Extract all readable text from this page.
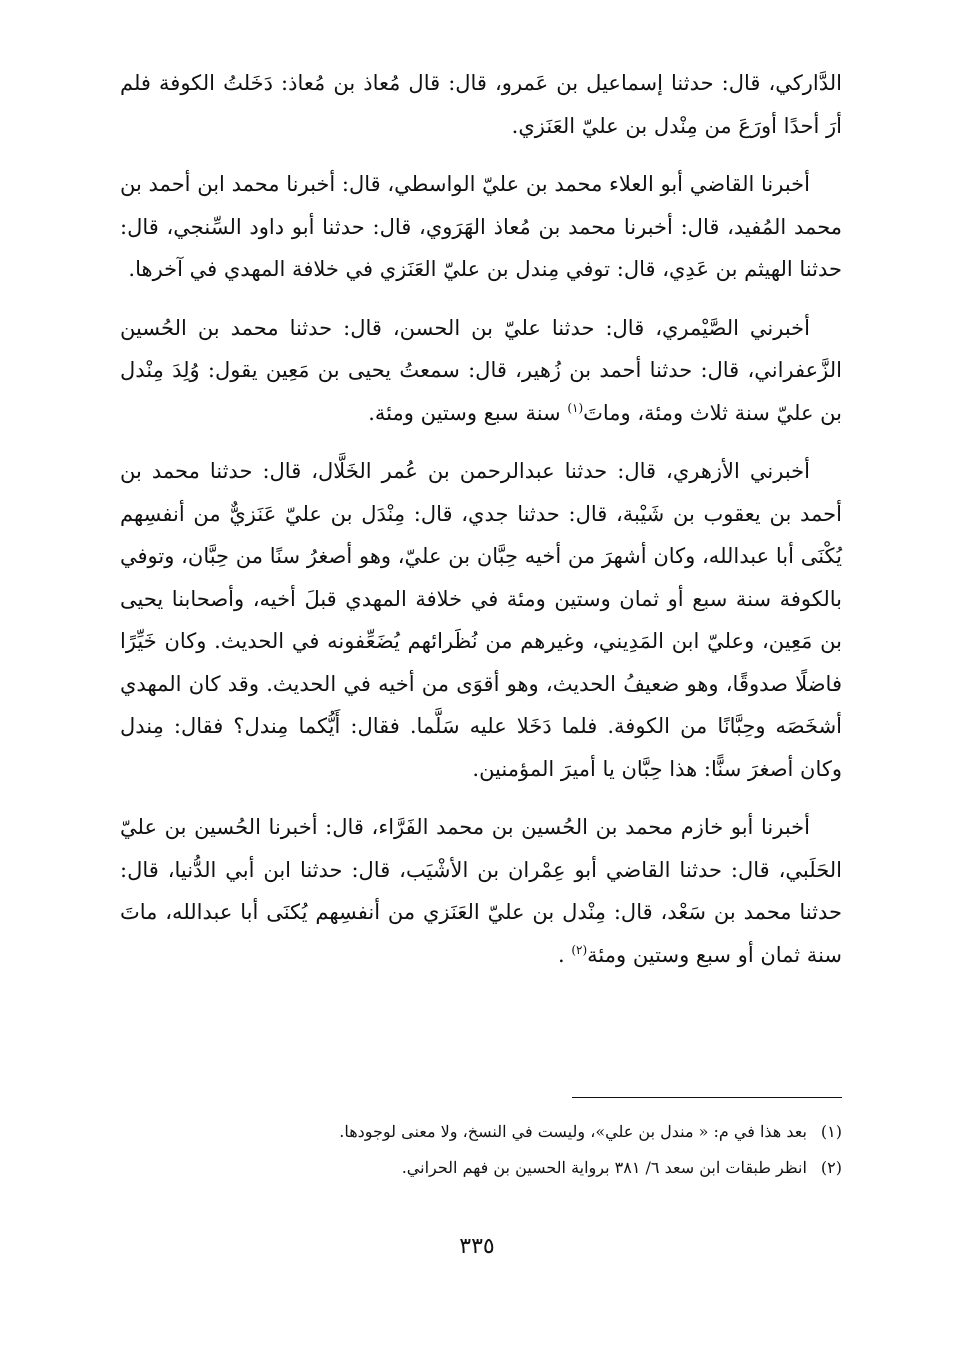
الدَّاركي، قال: حدثنا إسماعيل بن عَمرو، قال: قال مُعاذ بن مُعاذ: دَخَلتُ الكوفة فلم أرَ أحدًا أورَعَ من مِنْدل بن عليّ العَنَزي.

أخبرنا القاضي أبو العلاء محمد بن عليّ الواسطي، قال: أخبرنا محمد ابن أحمد بن محمد المُفيد، قال: أخبرنا محمد بن مُعاذ الهَرَوي، قال: حدثنا أبو داود السِّنجي، قال: حدثنا الهيثم بن عَدِي، قال: توفي مِندل بن عليّ العَنَزي في خلافة المهدي في آخرها.

أخبرني الصَّيْمري، قال: حدثنا عليّ بن الحسن، قال: حدثنا محمد بن الحُسين الزَّعفراني، قال: حدثنا أحمد بن زُهير، قال: سمعتُ يحيى بن مَعِين يقول: وُلِدَ مِنْدل بن عليّ سنة ثلاث ومئة، وماتَ$^{(١)}$ سنة سبع وستين ومئة.

أخبرني الأزهري، قال: حدثنا عبدالرحمن بن عُمر الخَلَّال، قال: حدثنا محمد بن أحمد بن يعقوب بن شَيْبة، قال: حدثنا جدي، قال: مِنْدَل بن عليّ عَنَزيٌّ من أنفسِهم يُكْنَى أبا عبدالله، وكان أشهرَ من أخيه حِبَّان بن عليّ، وهو أصغرُ سنًا من حِبَّان، وتوفي بالكوفة سنة سبع أو ثمان وستين ومئة في خلافة المهدي قبلَ أخيه، وأصحابنا يحيى بن مَعِين، وعليّ ابن المَدِيني، وغيرهم من نُظَرائهم يُضَعِّفونه في الحديث. وكان خَيِّرًا فاضلًا صدوقًا، وهو ضعيفُ الحديث، وهو أقوَى من أخيه في الحديث. وقد كان المهدي أشخَصَه وحِبَّانًا من الكوفة. فلما دَخَلا عليه سَلَّما. فقال: أَيُّكما مِندل؟ فقال: مِندل وكان أصغرَ سنًّا: هذا حِبَّان يا أميرَ المؤمنين.

أخبرنا أبو خازم محمد بن الحُسين بن محمد الفَرَّاء، قال: أخبرنا الحُسين بن عليّ الحَلَبي، قال: حدثنا القاضي أبو عِمْران بن الأشْيَب، قال: حدثنا ابن أبي الدُّنيا، قال: حدثنا محمد بن سَعْد، قال: مِنْدل بن عليّ العَنَزي من أنفسِهم يُكنَى أبا عبدالله، ماتَ سنة ثمان أو سبع وستين ومئة$^{(٢)}$ .

(١)بعد هذا في م: « مندل بن علي»، وليست في النسخ، ولا معنى لوجودها.
(٢)انظر طبقات ابن سعد ٦/ ٣٨١ برواية الحسين بن فهم الحراني.
٣٣٥
